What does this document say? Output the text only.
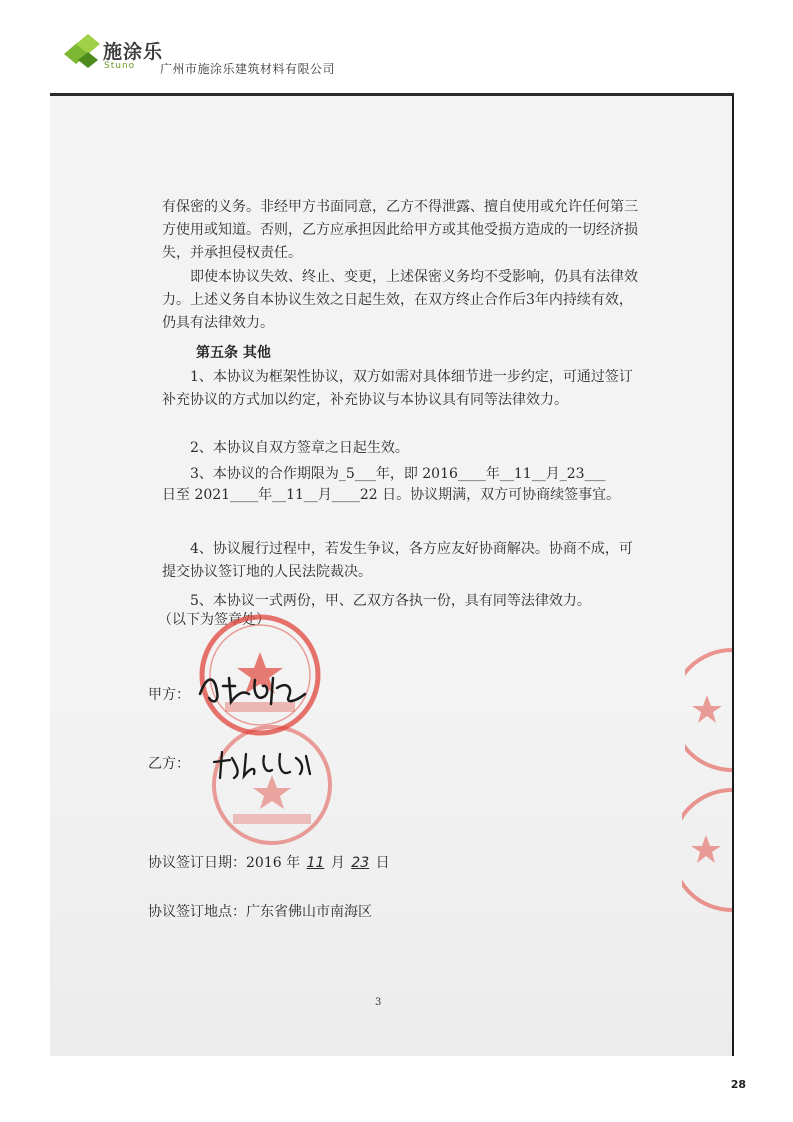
施涂乐
Stuno 广州市施涂乐建筑材料有限公司
有保密的义务。非经甲方书面同意，乙方不得泄露、擅自使用或允许任何第三方使用或知道。否则，乙方应承担因此给甲方或其他受损方造成的一切经济损失，并承担侵权责任。
即使本协议失效、终止、变更，上述保密义务均不受影响，仍具有法律效力。上述义务自本协议生效之日起生效，在双方终止合作后3年内持续有效，仍具有法律效力。
第五条 其他
1、本协议为框架性协议，双方如需对具体细节进一步约定，可通过签订补充协议的方式加以约定，补充协议与本协议具有同等法律效力。
2、本协议自双方签章之日起生效。
3、本协议的合作期限为_5___年，即 2016____年__11__月_23___
日至 2021____年__11__月____22 日。协议期满，双方可协商续签事宜。
4、协议履行过程中，若发生争议，各方应友好协商解决。协商不成，可提交协议签订地的人民法院裁决。
5、本协议一式两份，甲、乙双方各执一份，具有同等法律效力。
（以下为签章处）
甲方：
乙方：
协议签订日期：2016 年 11 月 23 日
协议签订地点：广东省佛山市南海区
3
28
